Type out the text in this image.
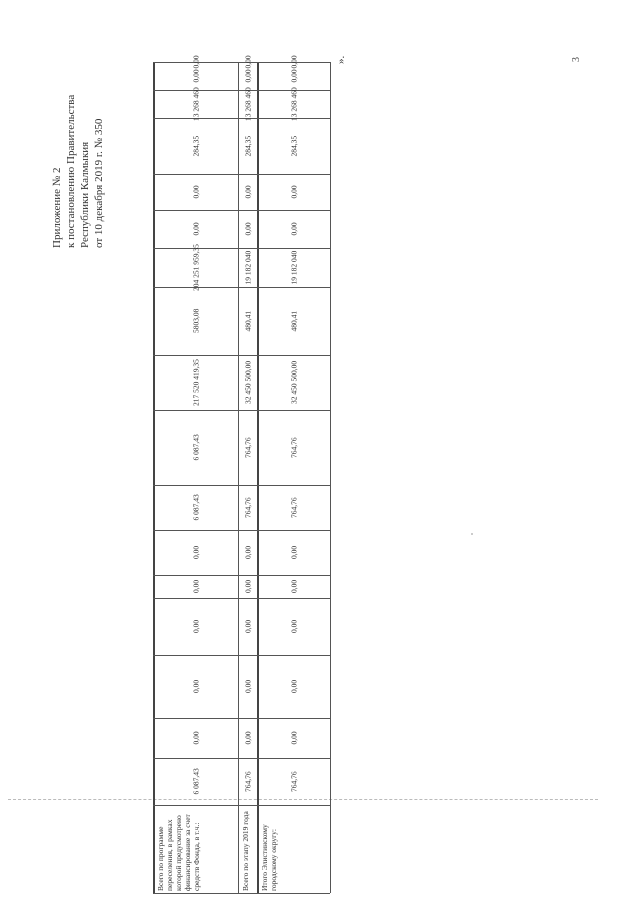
Приложение № 2 к постановлению Правительства Республики Калмыкия от 10 декабря 2019 г. № 350
3
».
Всего по программе переселения, в рамках которой предусмотрено финансирование за счет средств Фонда, в т.ч.:
6 087,43
0,00
0,00
0,00
0,00
0,00
6 087,43
6 087,43
217 520 419,35
5803,08
204 251 959,35
0,00
0,00
284,35
13 268 460
0,00
0,00
Всего по этапу 2019 года
764,76
0,00
0,00
0,00
0,00
0,00
764,76
764,76
32 450 500,00
480,41
19 182 040
0,00
0,00
284,35
13 268 460
0,00
0,00
Итого Элистинскому городскому округу:
764,76
0,00
0,00
0,00
0,00
0,00
764,76
764,76
32 450 500,00
480,41
19 182 040
0,00
0,00
284,35
13 268 460
0,00
0,00
